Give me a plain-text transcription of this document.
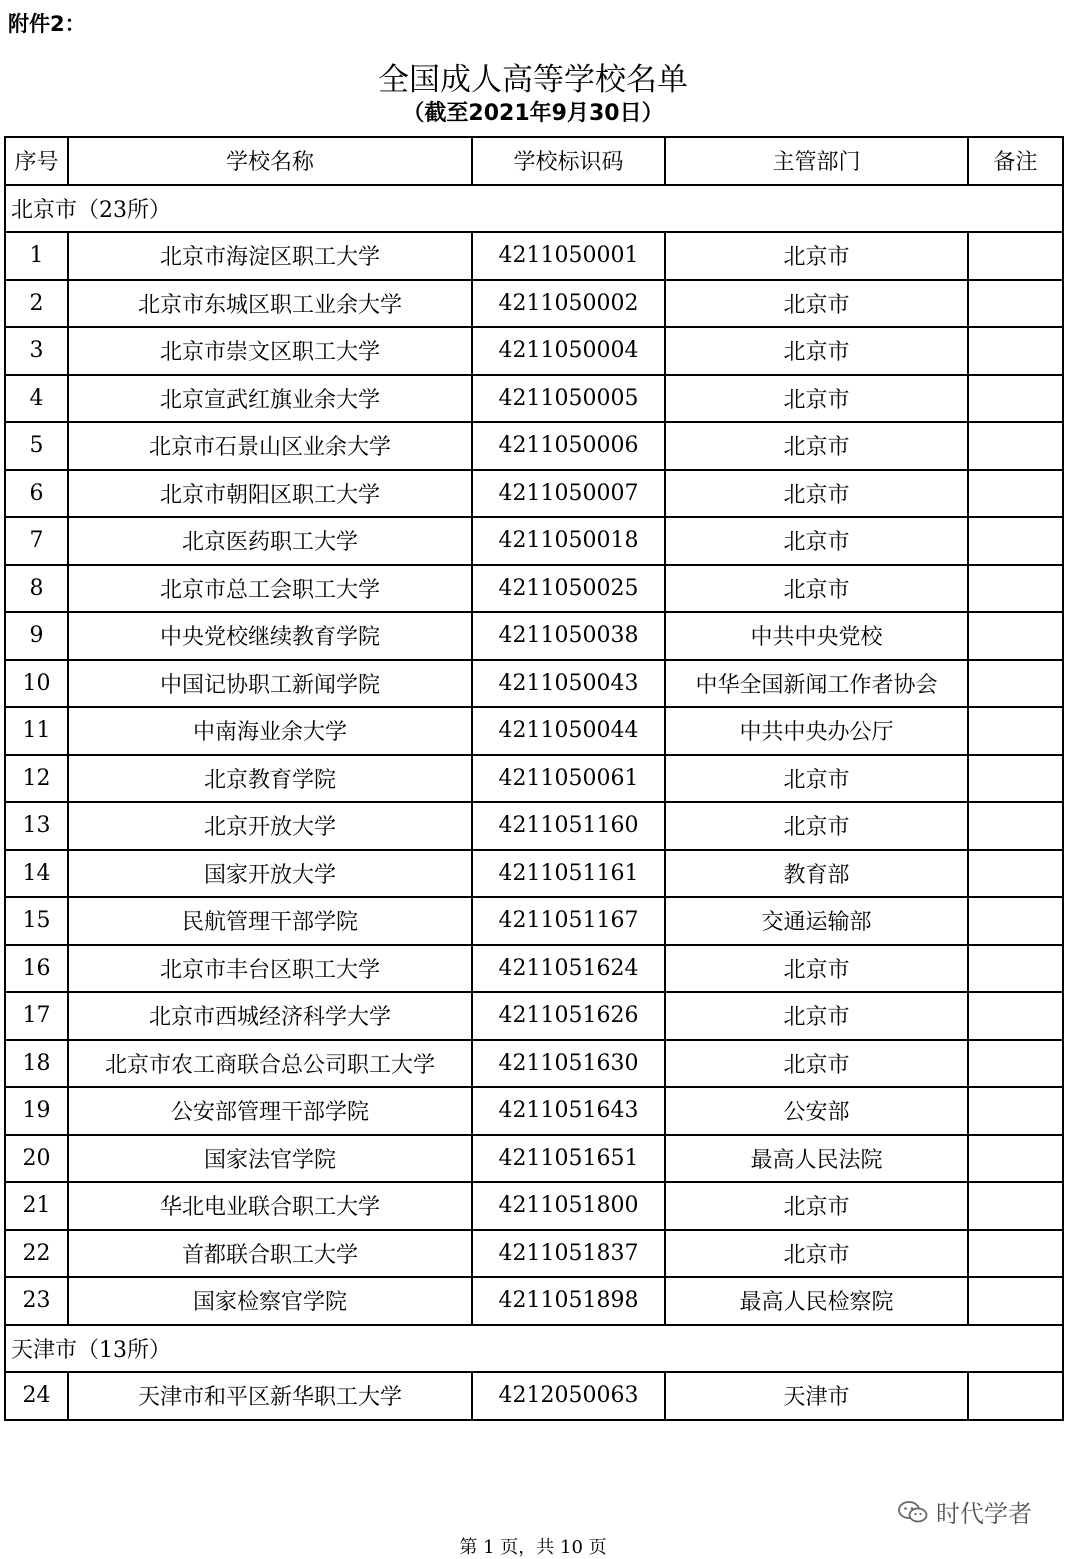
附件2：
全国成人高等学校名单
（截至2021年9月30日）
序号	学校名称	学校标识码	主管部门	备注
北京市（23所）				
1	北京市海淀区职工大学	4211050001	北京市	
2	北京市东城区职工业余大学	4211050002	北京市	
3	北京市崇文区职工大学	4211050004	北京市	
4	北京宣武红旗业余大学	4211050005	北京市	
5	北京市石景山区业余大学	4211050006	北京市	
6	北京市朝阳区职工大学	4211050007	北京市	
7	北京医药职工大学	4211050018	北京市	
8	北京市总工会职工大学	4211050025	北京市	
9	中央党校继续教育学院	4211050038	中共中央党校	
10	中国记协职工新闻学院	4211050043	中华全国新闻工作者协会	
11	中南海业余大学	4211050044	中共中央办公厅	
12	北京教育学院	4211050061	北京市	
13	北京开放大学	4211051160	北京市	
14	国家开放大学	4211051161	教育部	
15	民航管理干部学院	4211051167	交通运输部	
16	北京市丰台区职工大学	4211051624	北京市	
17	北京市西城经济科学大学	4211051626	北京市	
18	北京市农工商联合总公司职工大学	4211051630	北京市	
19	公安部管理干部学院	4211051643	公安部	
20	国家法官学院	4211051651	最高人民法院	
21	华北电业联合职工大学	4211051800	北京市	
22	首都联合职工大学	4211051837	北京市	
23	国家检察官学院	4211051898	最高人民检察院	
天津市（13所）				
24	天津市和平区新华职工大学	4212050063	天津市	
时代学者
第 1 页，共 10 页
